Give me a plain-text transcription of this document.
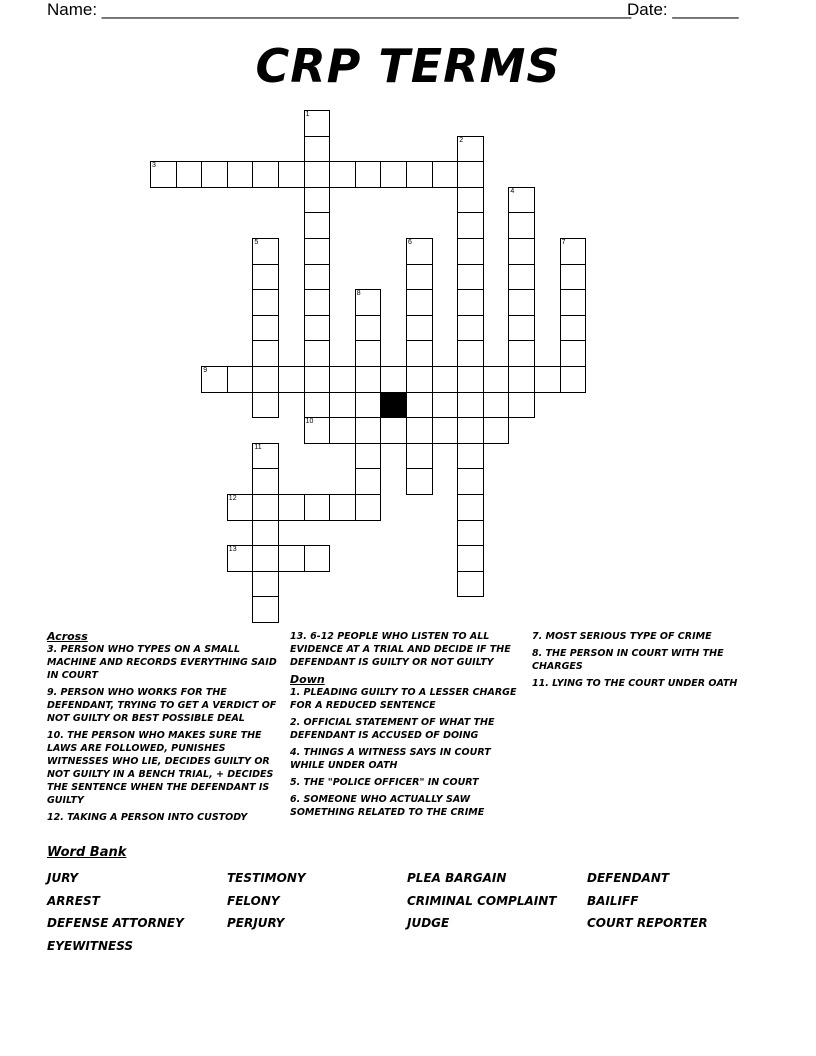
Name: ________________________________________________________
Date: _______
CRP TERMS
3
9
10
12
13
1
2
4
5	6	7
8
11
Across
3. PERSON WHO TYPES ON A SMALL MACHINE AND RECORDS EVERYTHING SAID IN COURT
9. PERSON WHO WORKS FOR THE DEFENDANT, TRYING TO GET A VERDICT OF NOT GUILTY OR BEST POSSIBLE DEAL
10. THE PERSON WHO MAKES SURE THE LAWS ARE FOLLOWED, PUNISHES WITNESSES WHO LIE, DECIDES GUILTY OR NOT GUILTY IN A BENCH TRIAL, + DECIDES THE SENTENCE WHEN THE DEFENDANT IS GUILTY
12. TAKING A PERSON INTO CUSTODY
13. 6-12 PEOPLE WHO LISTEN TO ALL EVIDENCE AT A TRIAL AND DECIDE IF THE DEFENDANT IS GUILTY OR NOT GUILTY
Down
1. PLEADING GUILTY TO A LESSER CHARGE FOR A REDUCED SENTENCE
2. OFFICIAL STATEMENT OF WHAT THE DEFENDANT IS ACCUSED OF DOING
4. THINGS A WITNESS SAYS IN COURT WHILE UNDER OATH
5. THE "POLICE OFFICER" IN COURT
6. SOMEONE WHO ACTUALLY SAW SOMETHING RELATED TO THE CRIME
7. MOST SERIOUS TYPE OF CRIME
8. THE PERSON IN COURT WITH THE CHARGES
11. LYING TO THE COURT UNDER OATH
Word Bank
JURY	TESTIMONY	PLEA BARGAIN	DEFENDANT
ARREST	FELONY	CRIMINAL COMPLAINT	BAILIFF
DEFENSE ATTORNEY	PERJURY	JUDGE	COURT REPORTER
EYEWITNESS
